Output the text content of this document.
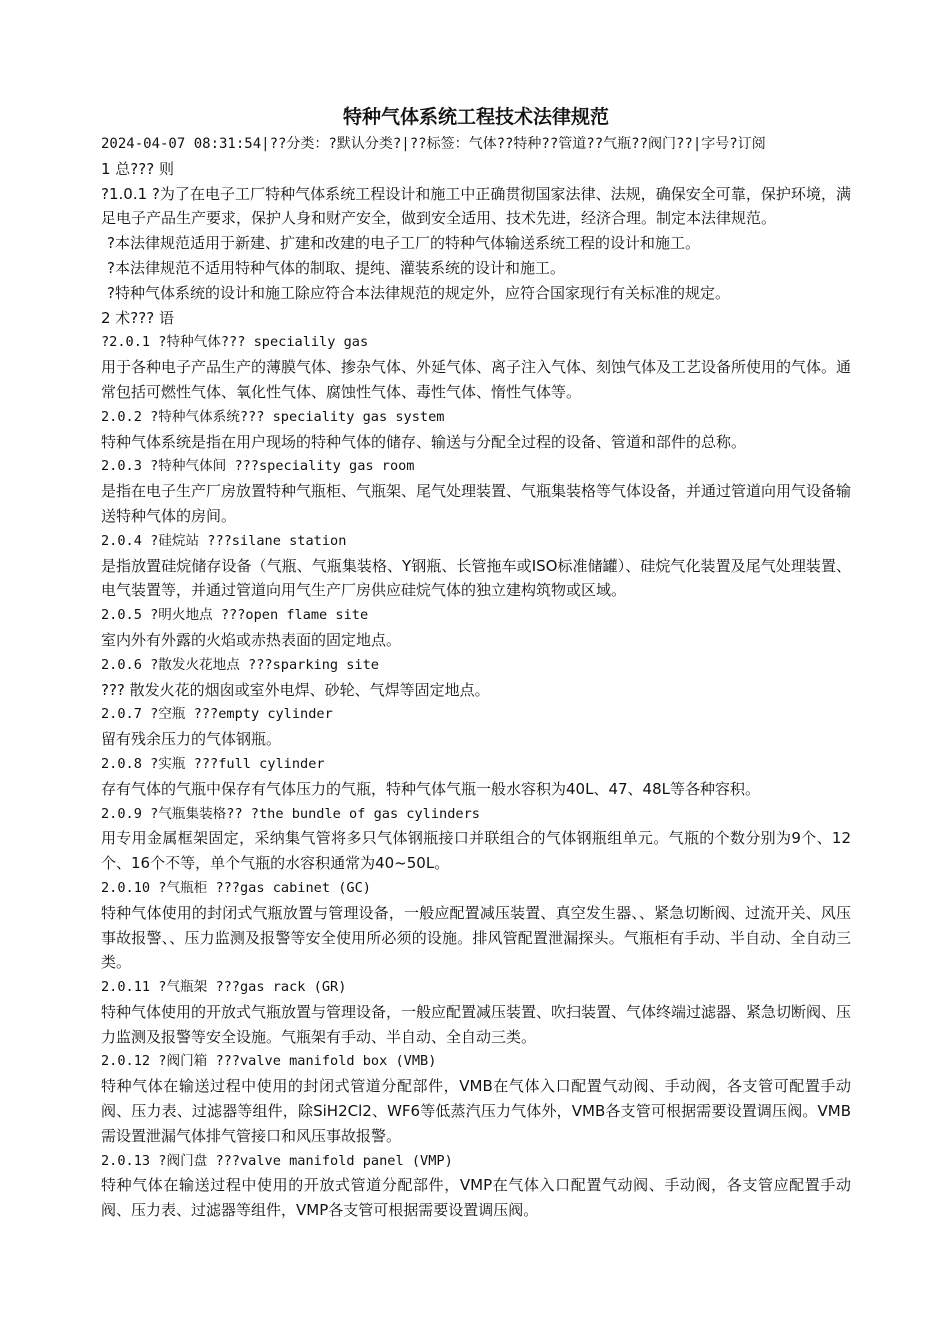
特种气体系统工程技术法律规范
2024-04-07 08:31:54|??分类：?默认分类?|??标签：气体??特种??管道??气瓶??阀门??|字号?订阅
1 总??? 则
?1.0.1 ?为了在电子工厂特种气体系统工程设计和施工中正确贯彻国家法律、法规，确保安全可靠，保护环境，满足电子产品生产要求，保护人身和财产安全，做到安全适用、技术先进，经济合理。制定本法律规范。
?本法律规范适用于新建、扩建和改建的电子工厂的特种气体输送系统工程的设计和施工。
?本法律规范不适用特种气体的制取、提纯、灌装系统的设计和施工。
?特种气体系统的设计和施工除应符合本法律规范的规定外，应符合国家现行有关标准的规定。
2 术??? 语
?2.0.1 ?特种气体??? specialily gas
用于各种电子产品生产的薄膜气体、掺杂气体、外延气体、离子注入气体、刻蚀气体及工艺设备所使用的气体。通常包括可燃性气体、氧化性气体、腐蚀性气体、毒性气体、惰性气体等。
2.0.2 ?特种气体系统??? speciality gas system
特种气体系统是指在用户现场的特种气体的储存、输送与分配全过程的设备、管道和部件的总称。
2.0.3 ?特种气体间 ???speciality gas room
是指在电子生产厂房放置特种气瓶柜、气瓶架、尾气处理装置、气瓶集装格等气体设备，并通过管道向用气设备输送特种气体的房间。
2.0.4 ?硅烷站 ???silane station
是指放置硅烷储存设备（气瓶、气瓶集装格、Y钢瓶、长管拖车或ISO标准储罐）、硅烷气化装置及尾气处理装置、电气装置等，并通过管道向用气生产厂房供应硅烷气体的独立建构筑物或区域。
2.0.5 ?明火地点 ???open flame site
室内外有外露的火焰或赤热表面的固定地点。
2.0.6 ?散发火花地点 ???sparking site
??? 散发火花的烟囱或室外电焊、砂轮、气焊等固定地点。
2.0.7 ?空瓶 ???empty cylinder
留有残余压力的气体钢瓶。
2.0.8 ?实瓶 ???full cylinder
存有气体的气瓶中保存有气体压力的气瓶，特种气体气瓶一般水容积为40L、47、48L等各种容积。
2.0.9 ?气瓶集装格?? ?the bundle of gas cylinders
用专用金属框架固定，采纳集气管将多只气体钢瓶接口并联组合的气体钢瓶组单元。气瓶的个数分别为9个、12个、16个不等，单个气瓶的水容积通常为40~50L。
2.0.10 ?气瓶柜 ???gas cabinet (GC)
特种气体使用的封闭式气瓶放置与管理设备，一般应配置减压装置、真空发生器、、紧急切断阀、过流开关、风压事故报警、、压力监测及报警等安全使用所必须的设施。排风管配置泄漏探头。气瓶柜有手动、半自动、全自动三类。
2.0.11 ?气瓶架 ???gas rack (GR)
特种气体使用的开放式气瓶放置与管理设备，一般应配置减压装置、吹扫装置、气体终端过滤器、紧急切断阀、压力监测及报警等安全设施。气瓶架有手动、半自动、全自动三类。
2.0.12 ?阀门箱 ???valve manifold box (VMB)
特种气体在输送过程中使用的封闭式管道分配部件，VMB在气体入口配置气动阀、手动阀，各支管可配置手动阀、压力表、过滤器等组件，除SiH2Cl2、WF6等低蒸汽压力气体外，VMB各支管可根据需要设置调压阀。VMB需设置泄漏气体排气管接口和风压事故报警。
2.0.13 ?阀门盘 ???valve manifold panel (VMP)
特种气体在输送过程中使用的开放式管道分配部件，VMP在气体入口配置气动阀、手动阀，各支管应配置手动阀、压力表、过滤器等组件，VMP各支管可根据需要设置调压阀。
